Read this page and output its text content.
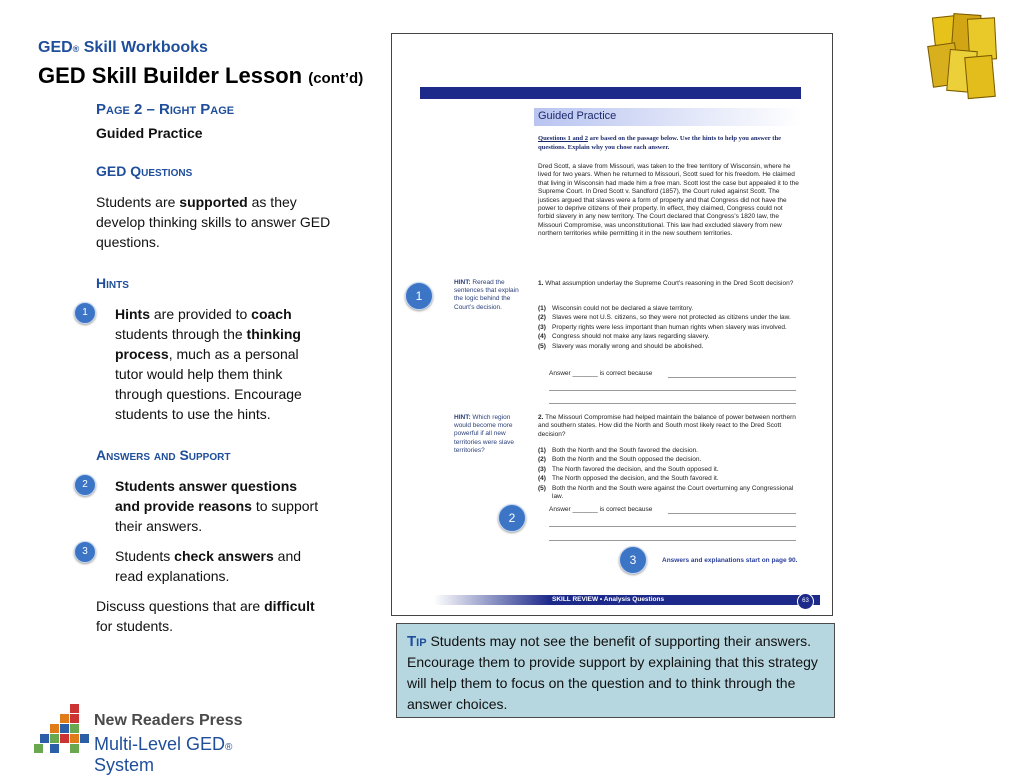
GED® Skill Workbooks
GED Skill Builder Lesson (cont’d)
Page 2 – Right Page
Guided Practice
GED Questions
Students are supported as they develop thinking skills to answer GED questions.
Hints
1	Hints are provided to coach students through the thinking process, much as a personal tutor would help them think through questions. Encourage students to use the hints.
Answers and Support
2	Students answer questions and provide reasons to support their answers.
3	Students check answers and read explanations.
Discuss questions that are difficult for students.
Guided Practice
Questions 1 and 2 are based on the passage below. Use the hints to help you answer the questions. Explain why you chose each answer.
Dred Scott, a slave from Missouri, was taken to the free territory of Wisconsin, where he lived for two years. When he returned to Missouri, Scott sued for his freedom. He claimed that living in Wisconsin had made him a free man. Scott lost the case but appealed it to the Supreme Court. In Dred Scott v. Sandford (1857), the Court ruled against Scott. The justices argued that slaves were a form of property and that Congress did not have the power to deprive citizens of their property. In effect, they claimed, Congress could not forbid slavery in any new territory. The Court declared that Congress’s 1820 law, the Missouri Compromise, was unconstitutional. This law had excluded slavery from new northern territories while permitting it in the new southern territories.
HINT: Reread the sentences that explain the logic behind the Court’s decision.
1. What assumption underlay the Supreme Court’s reasoning in the Dred Scott decision?
(1) Wisconsin could not be declared a slave territory.
(2) Slaves were not U.S. citizens, so they were not protected as citizens under the law.
(3) Property rights were less important than human rights when slavery was involved.
(4) Congress should not make any laws regarding slavery.
(5) Slavery was morally wrong and should be abolished.
Answer _______ is correct because
HINT: Which region would become more powerful if all new territories were slave territories?
2. The Missouri Compromise had helped maintain the balance of power between northern and southern states. How did the North and South most likely react to the Dred Scott decision?
(1) Both the North and the South favored the decision.
(2) Both the North and the South opposed the decision.
(3) The North favored the decision, and the South opposed it.
(4) The North opposed the decision, and the South favored it.
(5) Both the North and the South were against the Court overturning any Congressional law.
Answer _______ is correct because
Answers and explanations start on page 90.
SKILL REVIEW • Analysis Questions	63
1
2
3
Tip Students may not see the benefit of supporting their answers. Encourage them to provide support by explaining that this strategy will help them to focus on the question and to think through the answer choices.
New Readers Press
Multi-Level GED® System
